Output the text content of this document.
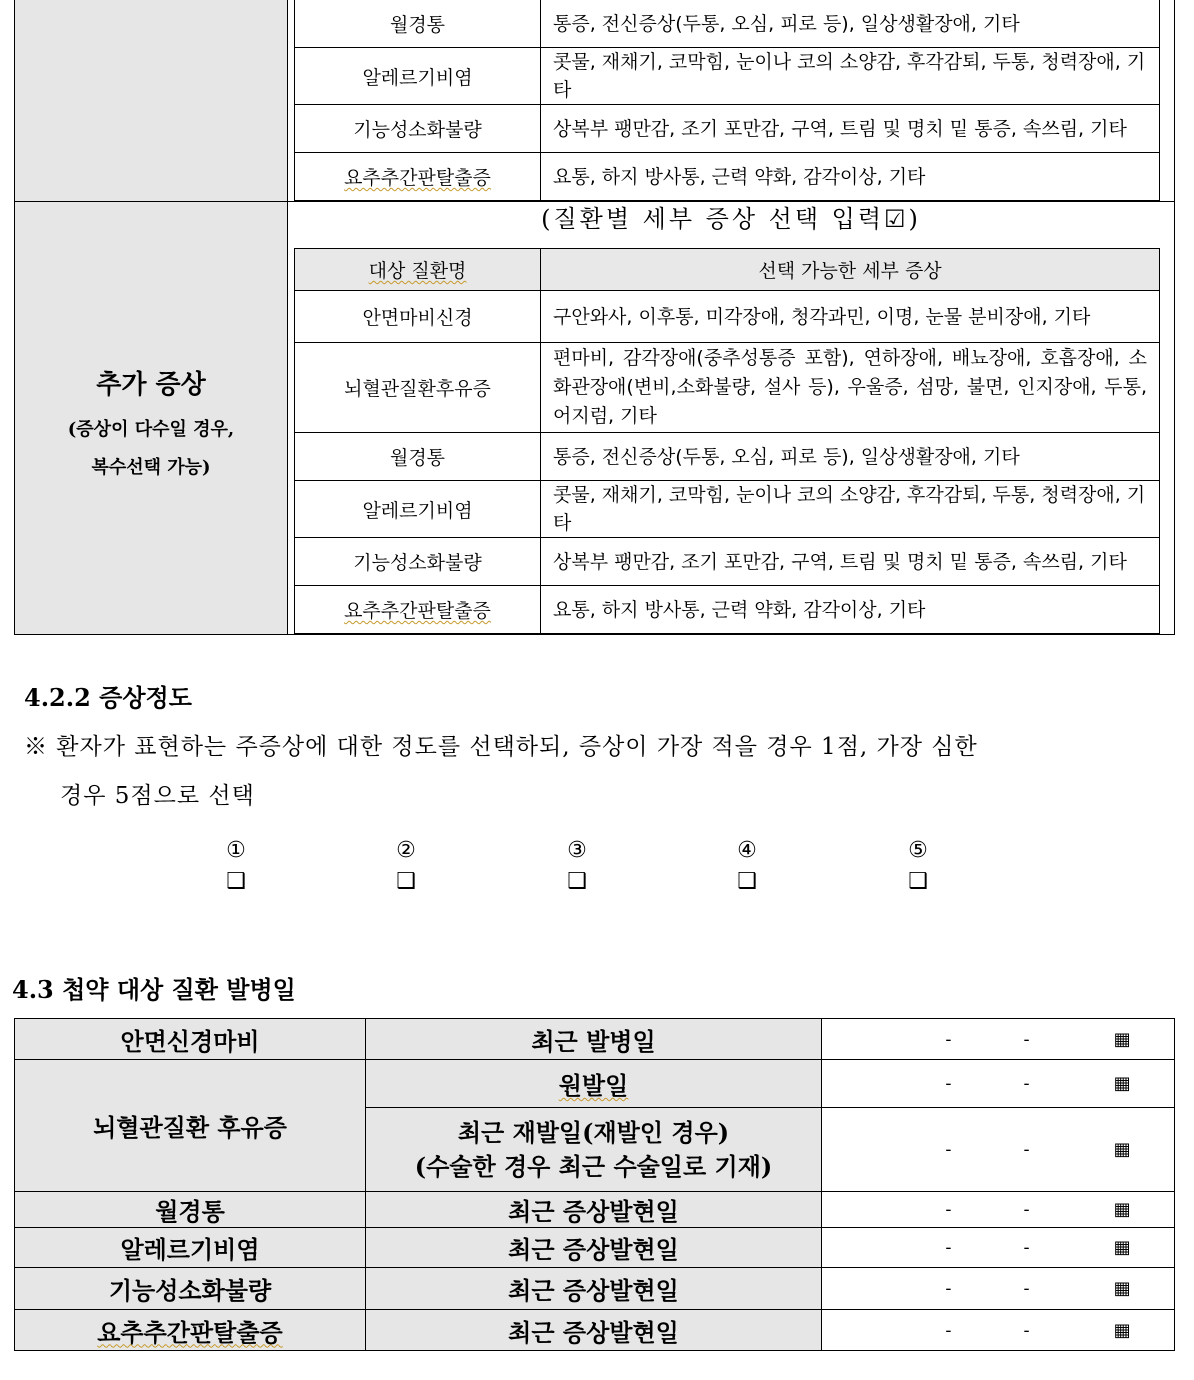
월경통	통증, 전신증상(두통, 오심, 피로 등), 일상생활장애, 기타
알레르기비염	콧물, 재채기, 코막힘, 눈이나 코의 소양감, 후각감퇴, 두통, 청력장애, 기타
기능성소화불량	상복부 팽만감, 조기 포만감, 구역, 트림 및 명치 밑 통증, 속쓰림, 기타
요추추간판탈출증	요통, 하지 방사통, 근력 약화, 감각이상, 기타

추가 증상
(증상이 다수일 경우,
복수선택 가능)

(질환별 세부 증상 선택 입력☑)
대상 질환명	선택 가능한 세부 증상
안면마비신경	구안와사, 이후통, 미각장애, 청각과민, 이명, 눈물 분비장애, 기타
뇌혈관질환후유증	편마비, 감각장애(중추성통증 포함), 연하장애, 배뇨장애, 호흡장애, 소화관장애(변비,소화불량, 설사 등), 우울증, 섬망, 불면, 인지장애, 두통, 어지럼, 기타
월경통	통증, 전신증상(두통, 오심, 피로 등), 일상생활장애, 기타
알레르기비염	콧물, 재채기, 코막힘, 눈이나 코의 소양감, 후각감퇴, 두통, 청력장애, 기타
기능성소화불량	상복부 팽만감, 조기 포만감, 구역, 트림 및 명치 밑 통증, 속쓰림, 기타
요추추간판탈출증	요통, 하지 방사통, 근력 약화, 감각이상, 기타
4.2.2 증상정도
※ 환자가 표현하는 주증상에 대한 정도를 선택하되, 증상이 가장 적을 경우 1점, 가장 심한
경우 5점으로 선택
①
❑
②
❑
③
❑
④
❑
⑤
❑
4.3 첩약 대상 질환 발병일
안면신경마비	최근 발병일	- - ▦
뇌혈관질환 후유증	원발일	- - ▦

	최근 재발일(재발인 경우)
(수술한 경우 최근 수술일로 기재)	- - ▦
월경통	최근 증상발현일	- - ▦
알레르기비염	최근 증상발현일	- - ▦
기능성소화불량	최근 증상발현일	- - ▦
요추추간판탈출증	최근 증상발현일	- - ▦
